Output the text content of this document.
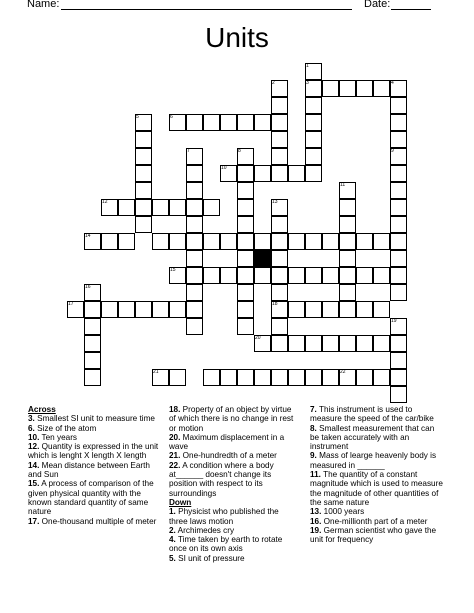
Name:	Date:
Units
1
2	3	4
5	6
7	8	9
10
11
12	13
14
15
16
17	18
19
20
21	22
Across
3. Smallest SI unit to measure time
6. Size of the atom
10. Ten years
12. Quantity is expressed in the unit which is lenght X length X length
14. Mean distance between Earth and Sun
15. A process of comparison of the given physical quantity with the known standard quantity of same nature
17. One-thousand multiple of meter
18. Property of an object by virtue of which there is no change in rest or motion
20. Maximum displacement in a wave
21. One-hundredth of a meter
22. A condition where a body at______ doesn't change its position with respect to its surroundings
Down
1. Physicist who published the three laws motion
2. Archimedes cry
4. Time taken by earth to rotate once on its own axis
5. SI unit of pressure
7. This instrument is used to measure the speed of the car/bike
8. Smallest measurement that can be taken accurately with an instrument
9. Mass of learge heavenly body is measured in ______
11. The quantity of a constant magnitude which is used to measure the magnitude of other quantities of the same nature
13. 1000 years
16. One-millionth part of a meter
19. German scientist who gave the unit for frequency
